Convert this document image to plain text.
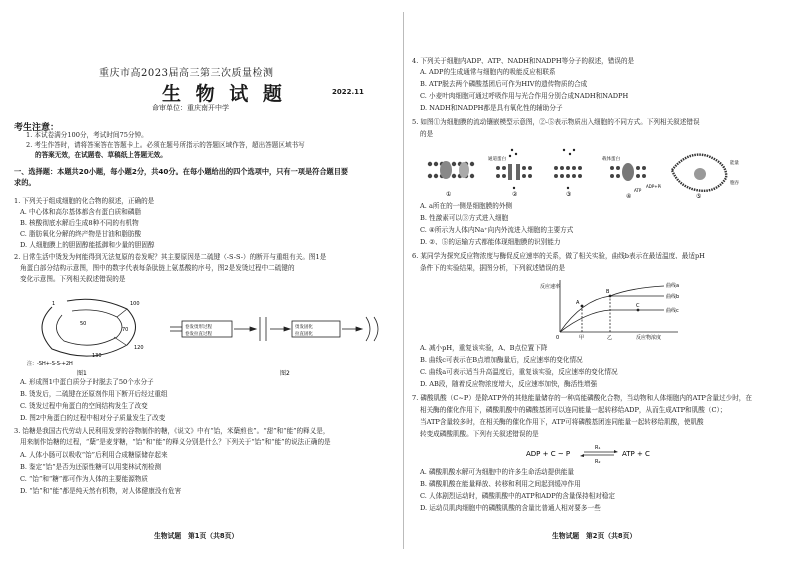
重庆市高2023届高三第三次质量检测
生 物 试 题	2022.11
命审单位：重庆南开中学
考生注意：
1. 本试卷满分100分，考试时间75分钟。
2. 考生作答时，请将答案答在答题卡上。必须在题号所指示的答题区域作答，超出答题区域书写
的答案无效，在试题卷、草稿纸上答题无效。
一、选择题：本题共20小题，每小题2分，共40分。在每小题给出的四个选项中，只有一项是符合题目要
求的。
1. 下列关于组成细胞的化合物的叙述，正确的是
A. 中心体和高尔基体都含有蛋白质和磷脂
B. 核酸彻底水解后生成8种不同的有机物
C. 脂肪氧化分解的终产物是甘油和脂肪酸
D. 人细胞膜上的胆固醇能抵御和少量的胆固醇
2. 日常生活中烫发为何能得到无法复原的卷发呢？其主要原因是二硫键（-S-S-）的断开与重组有关。图1是
角蛋白部分结构示意图，图中的数字代表每条肽链上氨基酸的序号，图2是发烫过程中二硫键的
变化示意图。下列相关叙述错误的是
1
50
70
100
120
130
注：-SH+-S-S-+2H
图1
卷发烫形过程
卷发拉直过程
烫发固化
拉直固化
图2
A. 形成图1中蛋白质分子时脱去了50个水分子
B. 烫发后，二硫键在还原剂作用下断开后经过重组
C. 烫发过程中角蛋白的空间结构发生了改变
D. 图2中角蛋白的过程中相对分子质量发生了改变
3. 饴糖是我国古代劳动人民利用发芽的谷物制作的糖，《说文》中有“饴，米蘖煎也”。“甜”和“能”的释义是，
用来制作饴糖的过程，“蘖”是麦芽糖，“饴”和“能”的释义分别是什么？下列关于“饴”和“能”的说法正确的是
A. 人体小肠可以吸收“饴”后利用合成糖原储存起来
B. 鉴定“饴”是否为还原性糖可以用斐林试剂检测
C. “饴”和“糖”都可作为人体的主要能源物质
D. “饴”和“能”都是纯天然有机物，对人体健康没有危害
生物试题　第1页（共8页）
4. 下列关于细胞内ADP、ATP、NADH和NADPH等分子的叙述，错误的是
A. ADP的生成通常与细胞内的吸能反应相联系
B. ATP脱去两个磷酸基团后可作为HIV的遗传物质的合成
C. 小麦叶肉细胞可通过呼吸作用与光合作用分别合成NADH和NADPH
D. NADH和NADPH都是具有氧化性的辅助分子
5. 如图①为细胞膜的流动镶嵌模型示意图，②-⑤表示物质出入细胞的不同方式。下列相关叙述错误
的是
①
通道蛋白
②	③
载体蛋白
ATP
ADP+Pi
④
能量
胞吞
⑤
A. a所在的一侧是细胞膜的外侧
B. 性激素可以③方式进入细胞
C. ④所示为人体内Na⁺向内外流进入细胞的主要方式
D. ②、⑤的运输方式都能体现细胞膜的识别能力
6. 某同学为探究反应物浓度与酶促反应速率的关系，做了相关实验，曲线b表示在最适温度、最适pH
条件下的实验结果，据图分析，下列叙述错误的是
反应速率
反应物浓度
曲线a
曲线b
曲线c
A
B
C
0	甲	乙
A. 减小pH，重复该实验，A、B点位置下降
B. 曲线c可表示在B点增加酶量后，反应速率的变化情况
C. 曲线a可表示适当升高温度后，重复该实验，反应速率的变化情况
D. AB段，随着反应物浓度增大，反应速率加快，酶活性增强
7. 磷酸肌酸（C~P）是除ATP外的其他能量储存的一种高能磷酸化合物，当动物和人体细胞内的ATP含量过少时，在
相关酶的催化作用下，磷酸肌酸中的磷酸基团可以连同能量一起转移给ADP，从而生成ATP和肌酸（C）；
当ATP含量较多时，在相关酶的催化作用下，ATP可将磷酸基团连同能量一起转移给肌酸，使肌酸
转变成磷酸肌酸。下列有关叙述错误的是
ADP + C ~ P
R₁
R₂
ATP + C
A. 磷酸肌酸水解可为细胞中的许多生命活动提供能量
B. 磷酸肌酸在能量释放、转移和利用之间起到缓冲作用
C. 人体剧烈运动时，磷酸肌酸中的ATP和ADP的含量保持相对稳定
D. 运动员肌肉细胞中的磷酸肌酸的含量比普通人相对要多一些
生物试题　第2页（共8页）
